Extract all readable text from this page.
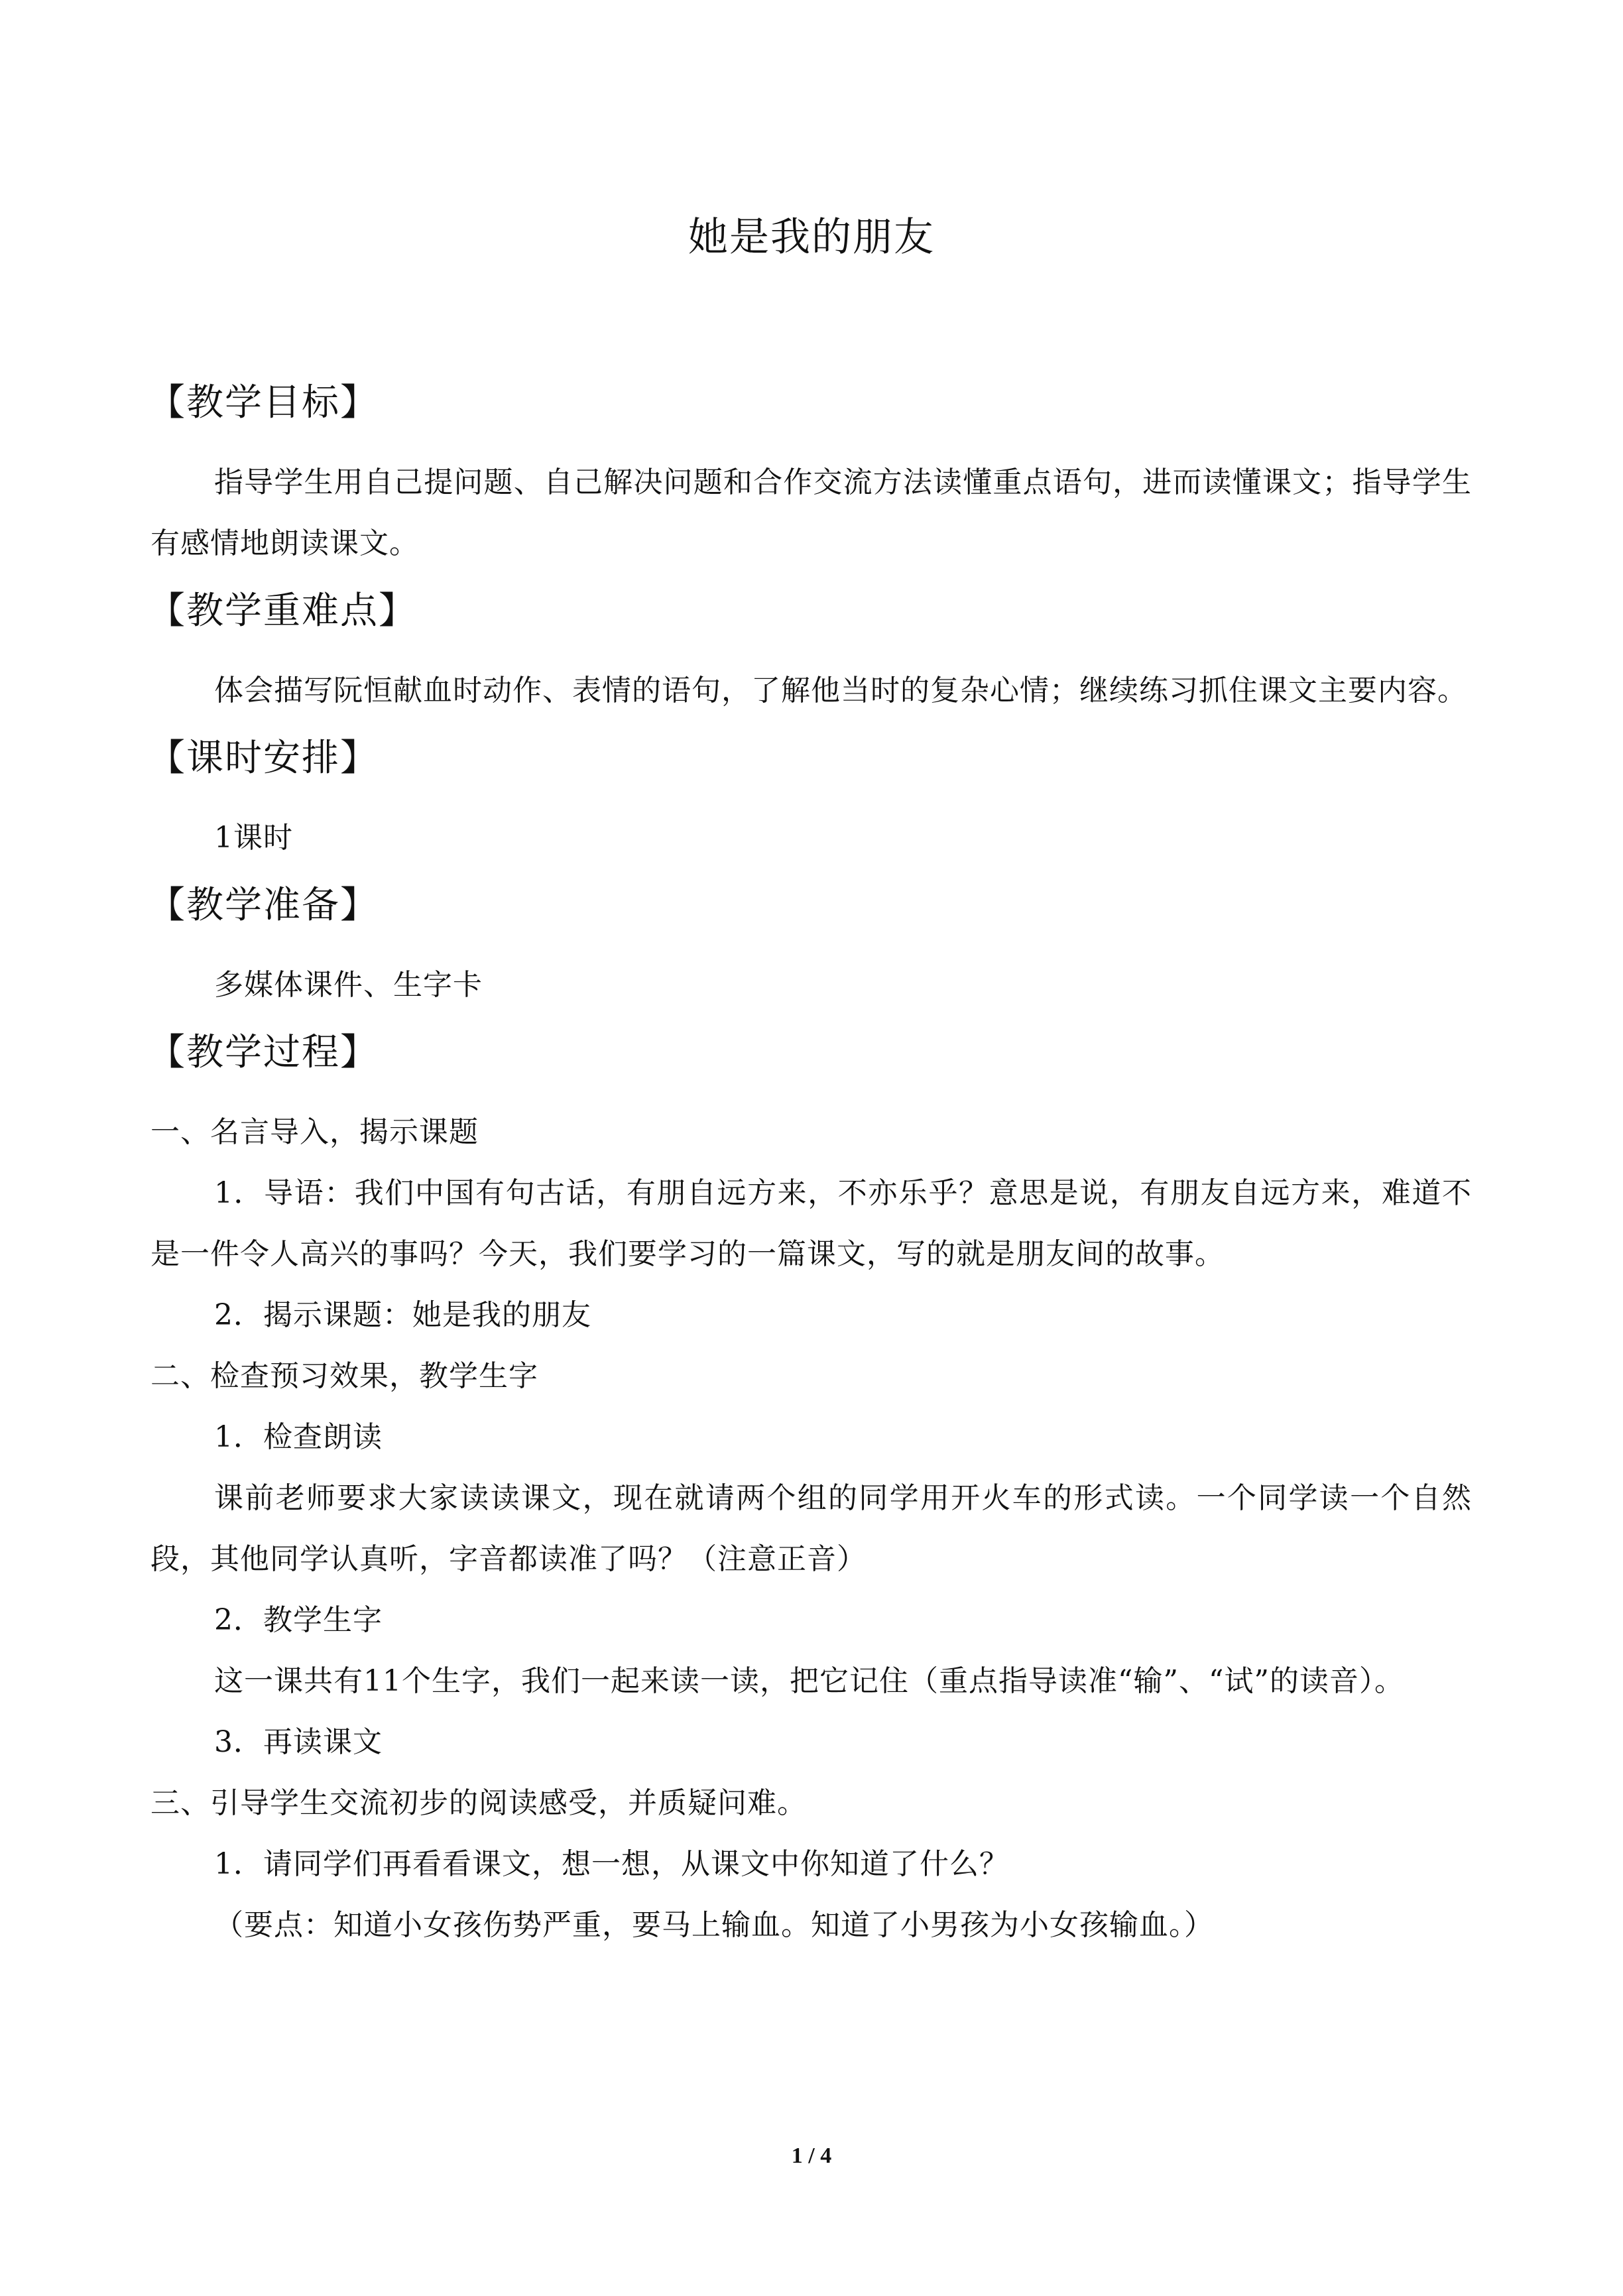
她是我的朋友
【教学目标】

指导学生用自己提问题、自己解决问题和合作交流方法读懂重点语句，进而读懂课文；指导学生有感情地朗读课文。

【教学重难点】

体会描写阮恒献血时动作、表情的语句，了解他当时的复杂心情；继续练习抓住课文主要内容。

【课时安排】

1课时

【教学准备】

多媒体课件、生字卡

【教学过程】

一、名言导入，揭示课题

1．导语：我们中国有句古话，有朋自远方来，不亦乐乎？意思是说，有朋友自远方来，难道不是一件令人高兴的事吗？今天，我们要学习的一篇课文，写的就是朋友间的故事。

2．揭示课题：她是我的朋友

二、检查预习效果，教学生字

1．检查朗读

课前老师要求大家读读课文，现在就请两个组的同学用开火车的形式读。一个同学读一个自然段，其他同学认真听，字音都读准了吗？（注意正音）

2．教学生字

这一课共有11个生字，我们一起来读一读，把它记住（重点指导读准“输”、“试”的读音）。

3．再读课文

三、引导学生交流初步的阅读感受，并质疑问难。

1．请同学们再看看课文，想一想，从课文中你知道了什么？

（要点：知道小女孩伤势严重，要马上输血。知道了小男孩为小女孩输血。）

1 / 4
